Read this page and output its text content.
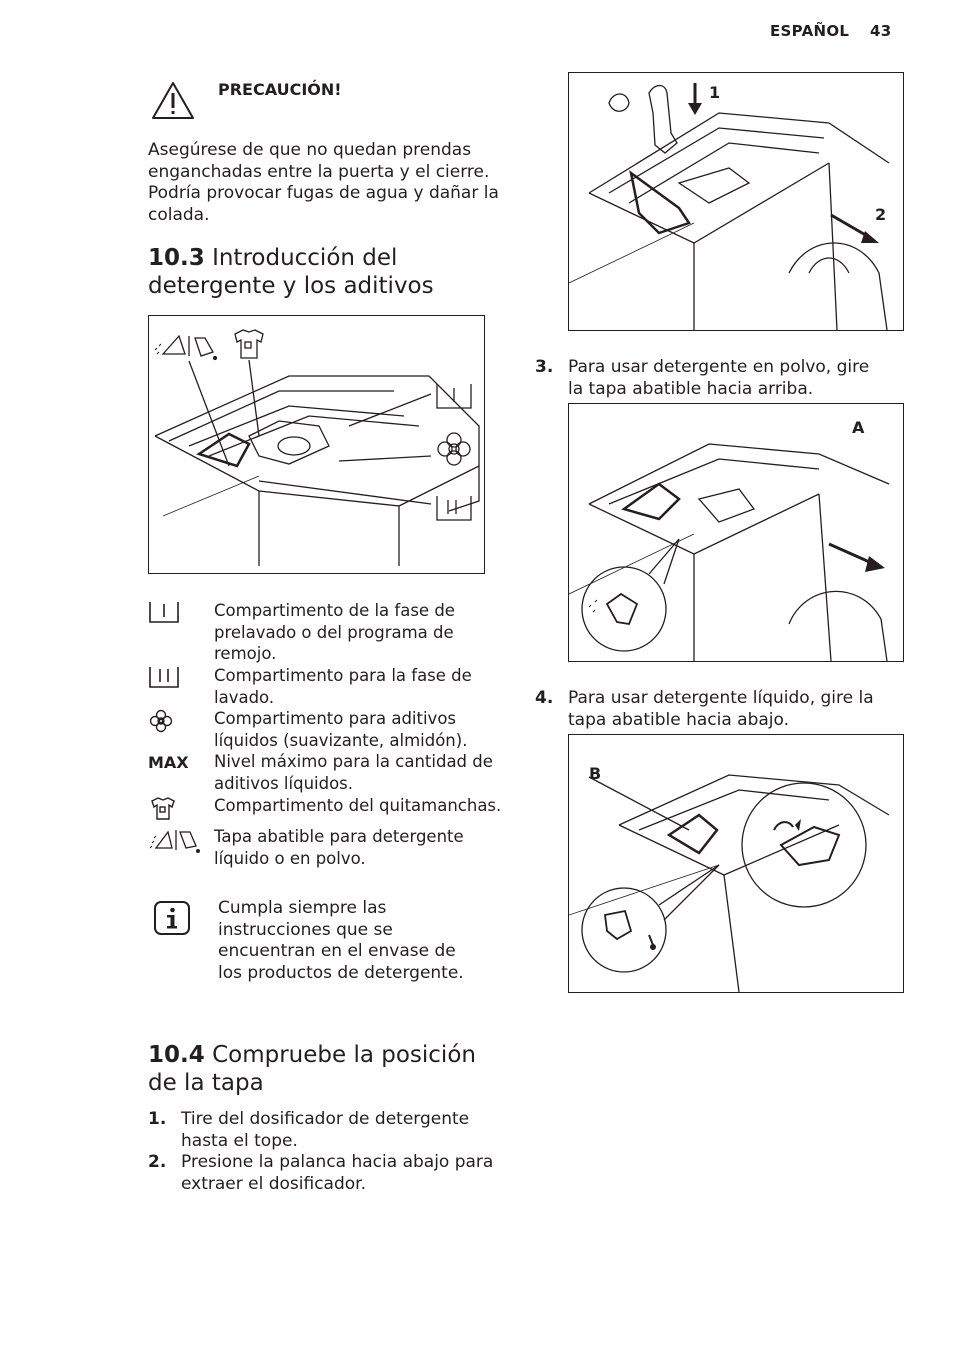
ESPAÑOL 43
PRECAUCIÓN!
Asegúrese de que no quedan prendas enganchadas entre la puerta y el cierre. Podría provocar fugas de agua y dañar la colada.
10.3 Introducción del
detergente y los aditivos
Compartimento de la fase de prelavado o del programa de remojo.
Compartimento para la fase de lavado.
Compartimento para aditivos líquidos (suavizante, almidón).
MAX	Nivel máximo para la cantidad de aditivos líquidos.
Compartimento del quitamanchas.
Tapa abatible para detergente líquido o en polvo.
Cumpla siempre las instrucciones que se encuentran en el envase de los productos de detergente.
10.4 Compruebe la posición
de la tapa
1. Tire del dosificador de detergente hasta el tope.
2. Presione la palanca hacia abajo para extraer el dosificador.
1
2
3. Para usar detergente en polvo, gire la tapa abatible hacia arriba.
A
4. Para usar detergente líquido, gire la tapa abatible hacia abajo.
B
